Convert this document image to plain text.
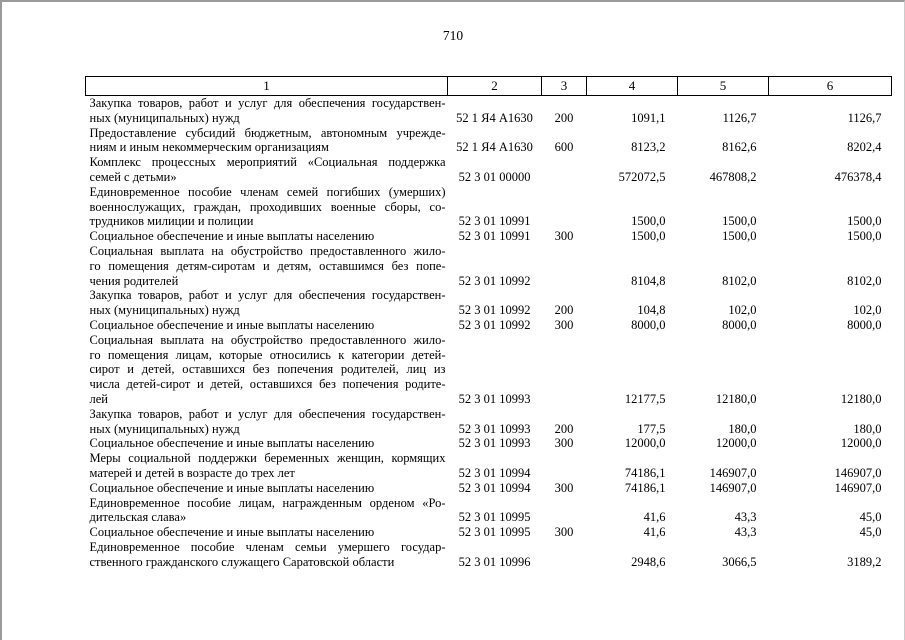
710
1	2	3	4	5	6

Закупка товаров, работ и услуг для обеспечения государствен-
ных (муниципальных) нужд	52 1 Я4 А1630	200	1091,1	1126,7	1126,7

Предоставление субсидий бюджетным, автономным учрежде-
ниям и иным некоммерческим организациям	52 1 Я4 А1630	600	8123,2	8162,6	8202,4

Комплекс процессных мероприятий «Социальная поддержка
семей с детьми»	52 3 01 00000		572072,5	467808,2	476378,4

Единовременное пособие членам семей погибших (умерших)
военнослужащих, граждан, проходивших военные сборы, со-
трудников милиции и полиции	52 3 01 10991		1500,0	1500,0	1500,0

Социальное обеспечение и иные выплаты населению	52 3 01 10991	300	1500,0	1500,0	1500,0

Социальная выплата на обустройство предоставленного жило-
го помещения детям-сиротам и детям, оставшимся без попе-
чения родителей	52 3 01 10992		8104,8	8102,0	8102,0

Закупка товаров, работ и услуг для обеспечения государствен-
ных (муниципальных) нужд	52 3 01 10992	200	104,8	102,0	102,0

Социальное обеспечение и иные выплаты населению	52 3 01 10992	300	8000,0	8000,0	8000,0

Социальная выплата на обустройство предоставленного жило-
го помещения лицам, которые относились к категории детей-
сирот и детей, оставшихся без попечения родителей, лиц из
числа детей-сирот и детей, оставшихся без попечения родите-
лей	52 3 01 10993		12177,5	12180,0	12180,0

Закупка товаров, работ и услуг для обеспечения государствен-
ных (муниципальных) нужд	52 3 01 10993	200	177,5	180,0	180,0

Социальное обеспечение и иные выплаты населению	52 3 01 10993	300	12000,0	12000,0	12000,0

Меры социальной поддержки беременных женщин, кормящих
матерей и детей в возрасте до трех лет	52 3 01 10994		74186,1	146907,0	146907,0

Социальное обеспечение и иные выплаты населению	52 3 01 10994	300	74186,1	146907,0	146907,0

Единовременное пособие лицам, награжденным орденом «Ро-
дительская слава»	52 3 01 10995		41,6	43,3	45,0

Социальное обеспечение и иные выплаты населению	52 3 01 10995	300	41,6	43,3	45,0

Единовременное пособие членам семьи умершего государ-
ственного гражданского служащего Саратовской области	52 3 01 10996		2948,6	3066,5	3189,2
